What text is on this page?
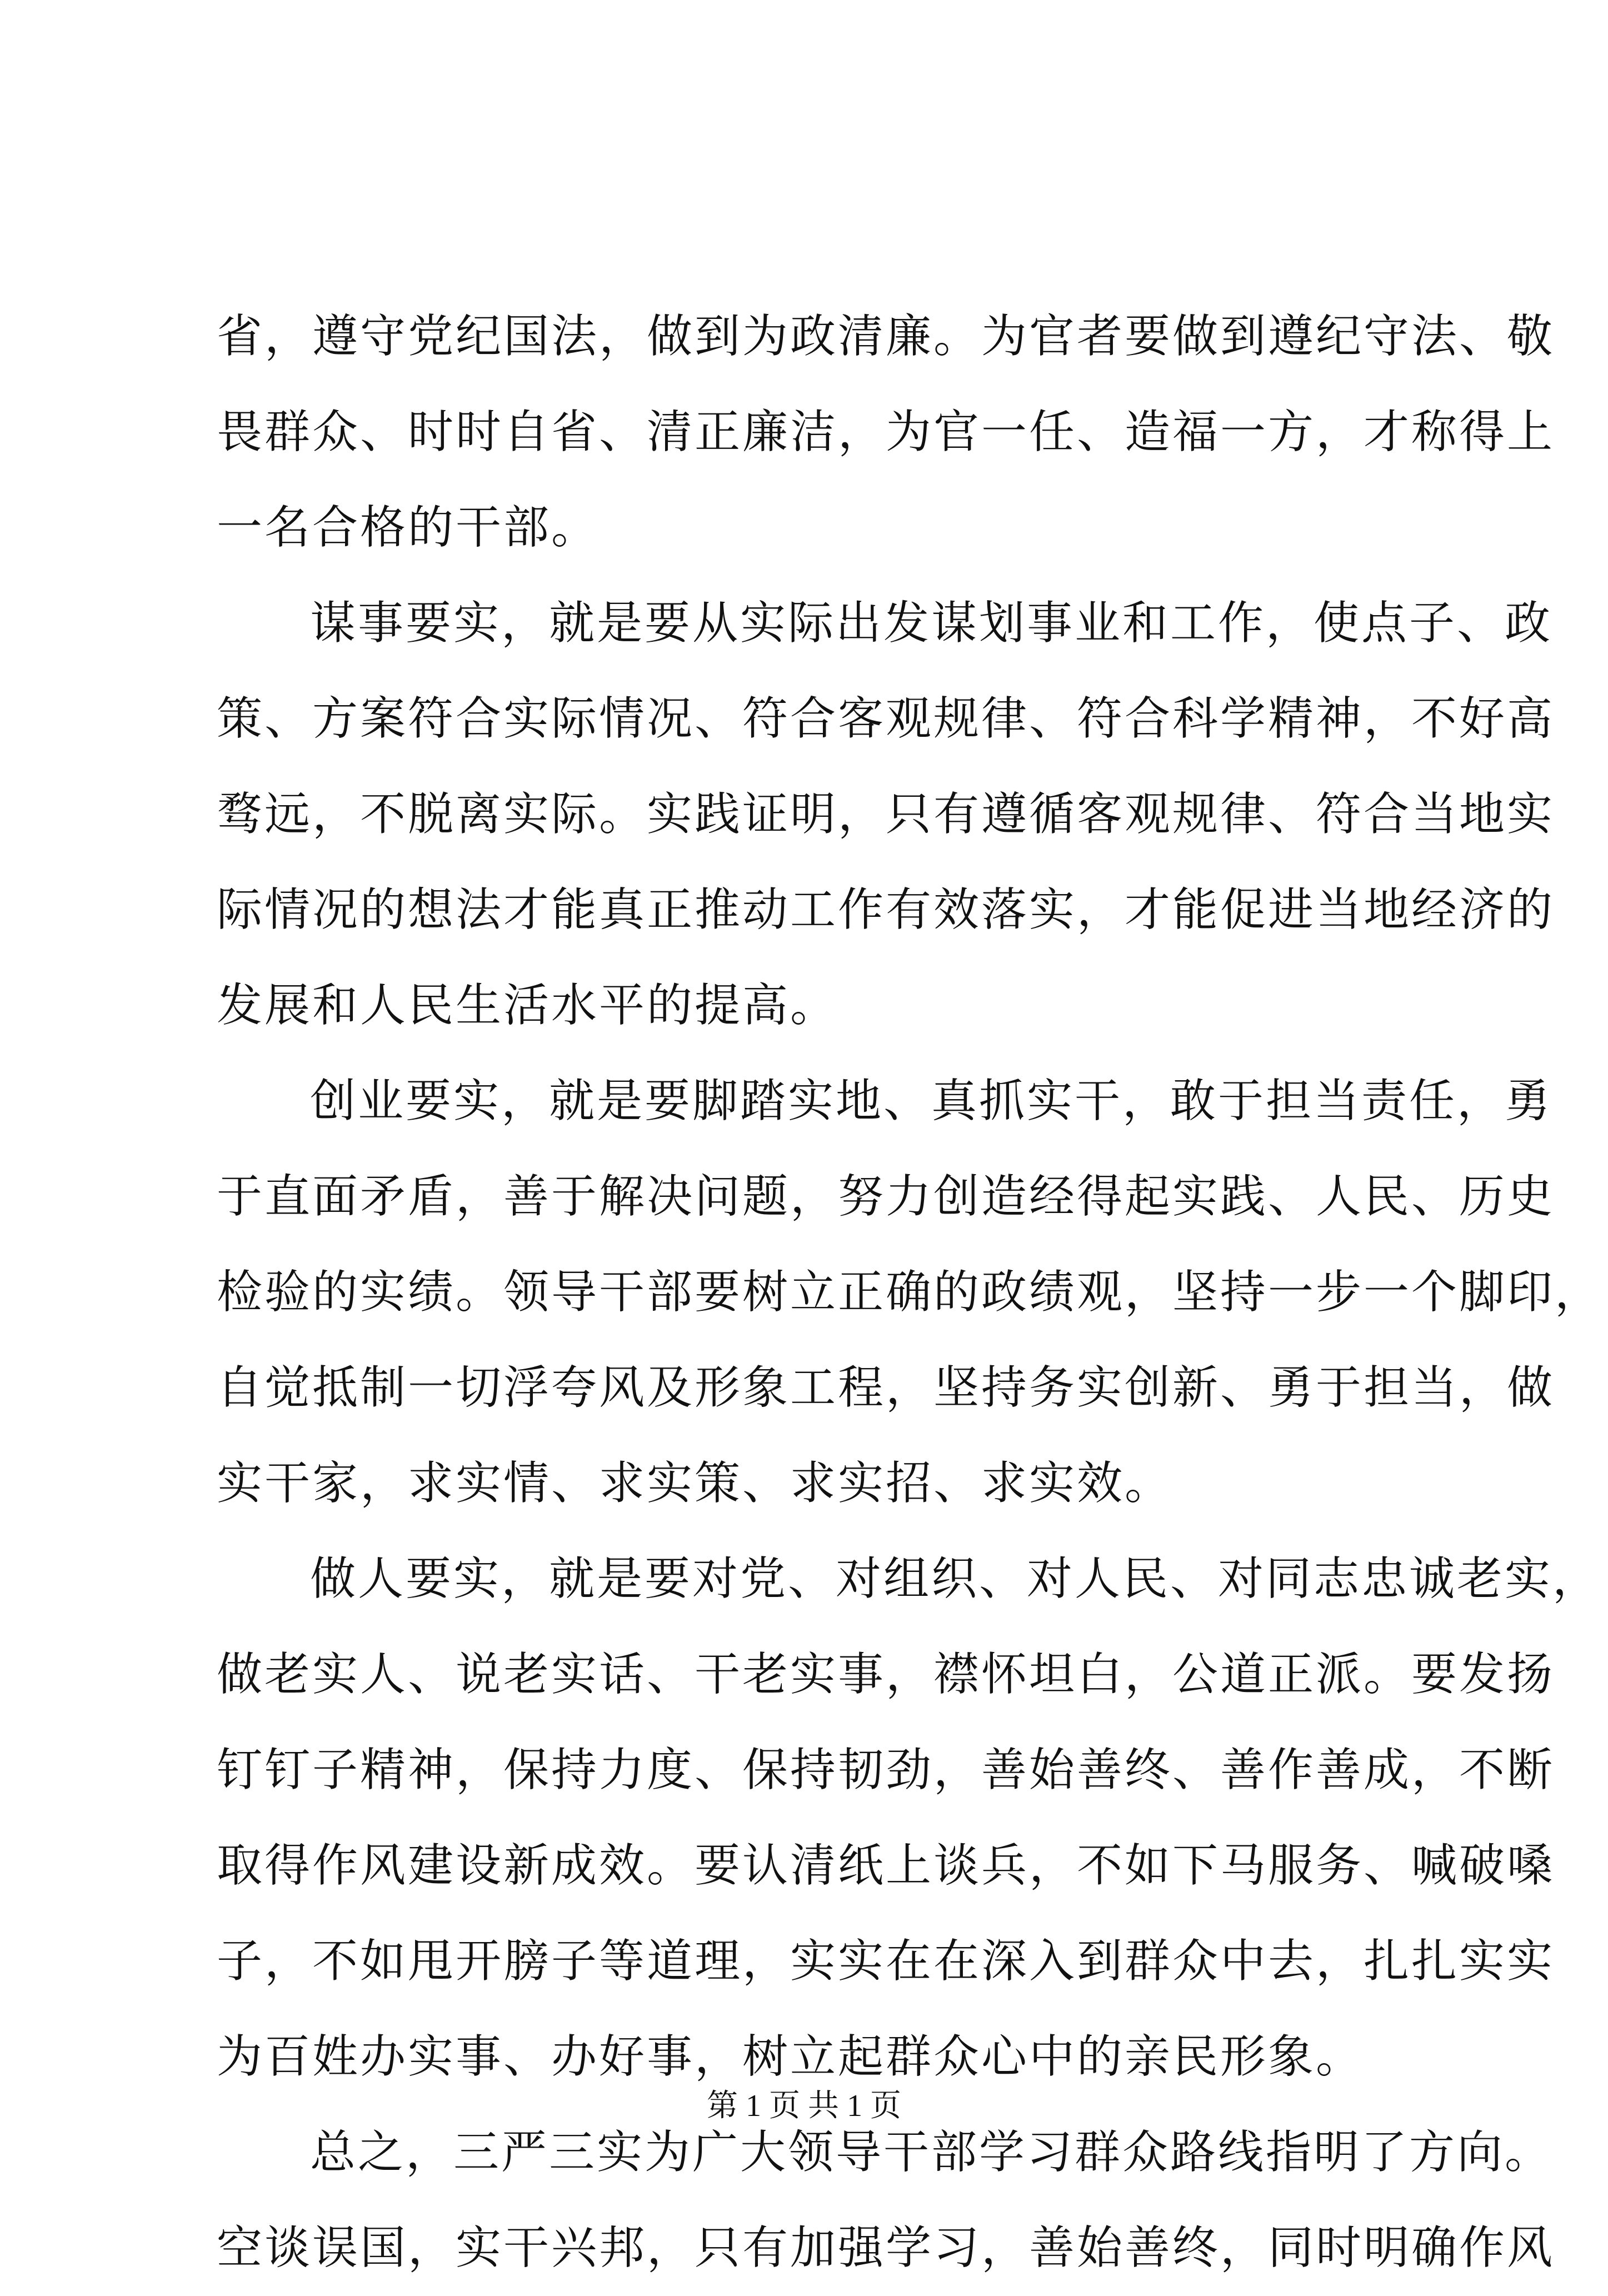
省，遵守党纪国法，做到为政清廉。为官者要做到遵纪守法、敬
畏群众、时时自省、清正廉洁，为官一任、造福一方，才称得上
一名合格的干部。
谋事要实，就是要从实际出发谋划事业和工作，使点子、政
策、方案符合实际情况、符合客观规律、符合科学精神，不好高
骛远，不脱离实际。实践证明，只有遵循客观规律、符合当地实
际情况的想法才能真正推动工作有效落实，才能促进当地经济的
发展和人民生活水平的提高。
创业要实，就是要脚踏实地、真抓实干，敢于担当责任，勇
于直面矛盾，善于解决问题，努力创造经得起实践、人民、历史
检验的实绩。领导干部要树立正确的政绩观，坚持一步一个脚印，
自觉抵制一切浮夸风及形象工程，坚持务实创新、勇于担当，做
实干家，求实情、求实策、求实招、求实效。
做人要实，就是要对党、对组织、对人民、对同志忠诚老实，
做老实人、说老实话、干老实事，襟怀坦白，公道正派。要发扬
钉钉子精神，保持力度、保持韧劲，善始善终、善作善成，不断
取得作风建设新成效。要认清纸上谈兵，不如下马服务、喊破嗓
子，不如甩开膀子等道理，实实在在深入到群众中去，扎扎实实
为百姓办实事、办好事，树立起群众心中的亲民形象。
总之，三严三实为广大领导干部学习群众路线指明了方向。
空谈误国，实干兴邦，只有加强学习，善始善终，同时明确作风
第 1 页 共 1 页
